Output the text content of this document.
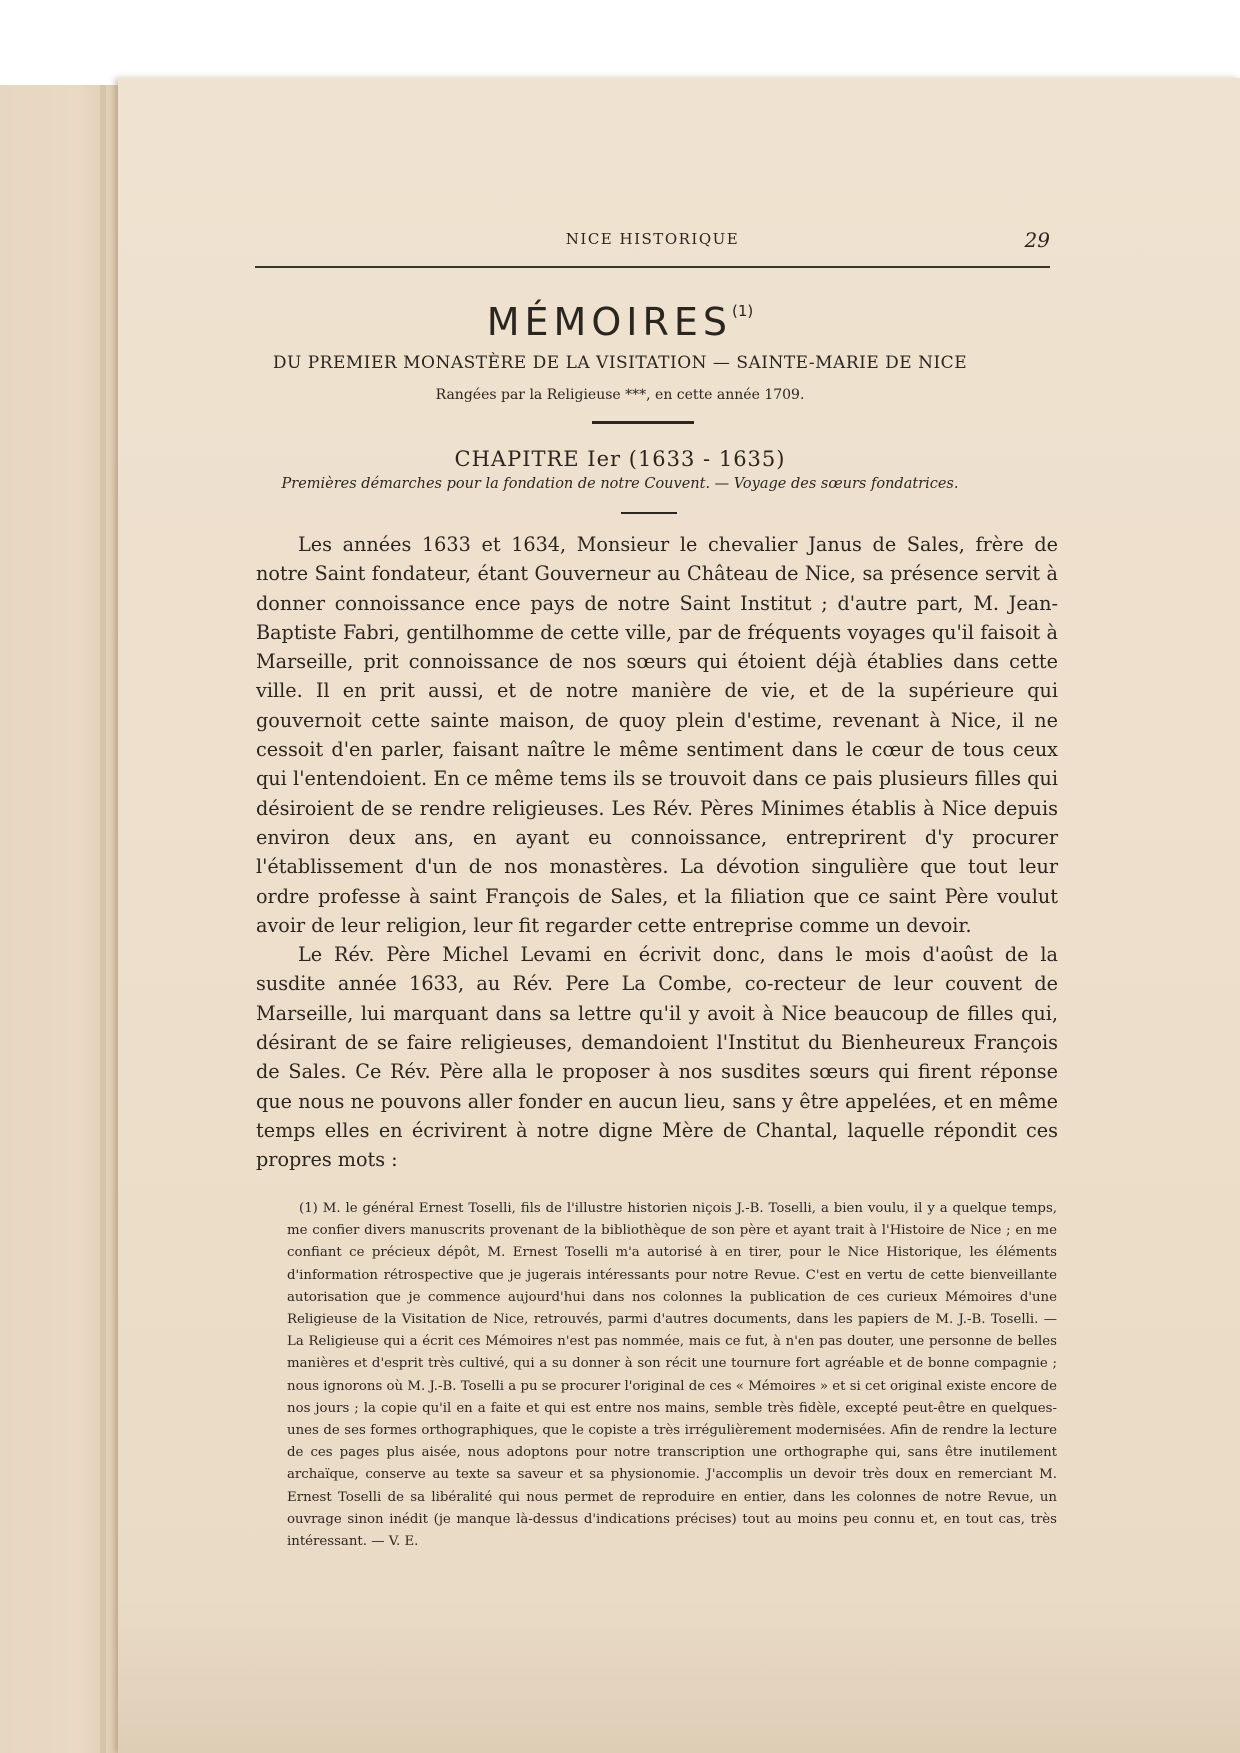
NICE HISTORIQUE	29
MÉMOIRES$^{(1)}$
DU PREMIER MONASTÈRE DE LA VISITATION — SAINTE-MARIE DE NICE
Rangées par la Religieuse ***, en cette année 1709.
CHAPITRE Ier (1633 - 1635)
Premières démarches pour la fondation de notre Couvent. — Voyage des sœurs fondatrices.

Les années 1633 et 1634, Monsieur le chevalier Janus de Sales, frère de notre Saint fondateur, étant Gouverneur au Château de Nice, sa présence servit à donner connoissance ence pays de notre Saint Institut ; d'autre part, M. Jean-Baptiste Fabri, gentilhomme de cette ville, par de fréquents voyages qu'il faisoit à Marseille, prit connoissance de nos sœurs qui étoient déjà établies dans cette ville. Il en prit aussi, et de notre manière de vie, et de la supérieure qui gouvernoit cette sainte maison, de quoy plein d'estime, revenant à Nice, il ne cessoit d'en parler, faisant naître le même sentiment dans le cœur de tous ceux qui l'entendoient. En ce même tems ils se trouvoit dans ce pais plusieurs filles qui désiroient de se rendre religieuses. Les Rév. Pères Minimes établis à Nice depuis environ deux ans, en ayant eu connoissance, entreprirent d'y procurer l'établissement d'un de nos monastères. La dévotion singulière que tout leur ordre professe à saint François de Sales, et la filiation que ce saint Père voulut avoir de leur religion, leur fit regarder cette entreprise comme un devoir.

Le Rév. Père Michel Levami en écrivit donc, dans le mois d'aoûst de la susdite année 1633, au Rév. Pere La Combe, co-recteur de leur couvent de Marseille, lui marquant dans sa lettre qu'il y avoit à Nice beaucoup de filles qui, désirant de se faire religieuses, demandoient l'Institut du Bienheureux François de Sales. Ce Rév. Père alla le proposer à nos susdites sœurs qui firent réponse que nous ne pouvons aller fonder en aucun lieu, sans y être appelées, et en même temps elles en écrivirent à notre digne Mère de Chantal, laquelle répondit ces propres mots :

(1) M. le général Ernest Toselli, fils de l'illustre historien niçois J.-B. Toselli, a bien voulu, il y a quelque temps, me confier divers manuscrits provenant de la bibliothèque de son père et ayant trait à l'Histoire de Nice ; en me confiant ce précieux dépôt, M. Ernest Toselli m'a autorisé à en tirer, pour le Nice Historique, les éléments d'information rétrospective que je jugerais intéressants pour notre Revue. C'est en vertu de cette bienveillante autorisation que je commence aujourd'hui dans nos colonnes la publication de ces curieux Mémoires d'une Religieuse de la Visitation de Nice, retrouvés, parmi d'autres documents, dans les papiers de M. J.-B. Toselli. — La Religieuse qui a écrit ces Mémoires n'est pas nommée, mais ce fut, à n'en pas douter, une personne de belles manières et d'esprit très cultivé, qui a su donner à son récit une tournure fort agréable et de bonne compagnie ; nous ignorons où M. J.-B. Toselli a pu se procurer l'original de ces « Mémoires » et si cet original existe encore de nos jours ; la copie qu'il en a faite et qui est entre nos mains, semble très fidèle, excepté peut-être en quelques-unes de ses formes orthographiques, que le copiste a très irrégulièrement modernisées. Afin de rendre la lecture de ces pages plus aisée, nous adoptons pour notre transcription une orthographe qui, sans être inutilement archaïque, conserve au texte sa saveur et sa physionomie. J'accomplis un devoir très doux en remerciant M. Ernest Toselli de sa libéralité qui nous permet de reproduire en entier, dans les colonnes de notre Revue, un ouvrage sinon inédit (je manque là-dessus d'indications précises) tout au moins peu connu et, en tout cas, très intéressant. — V. E.
